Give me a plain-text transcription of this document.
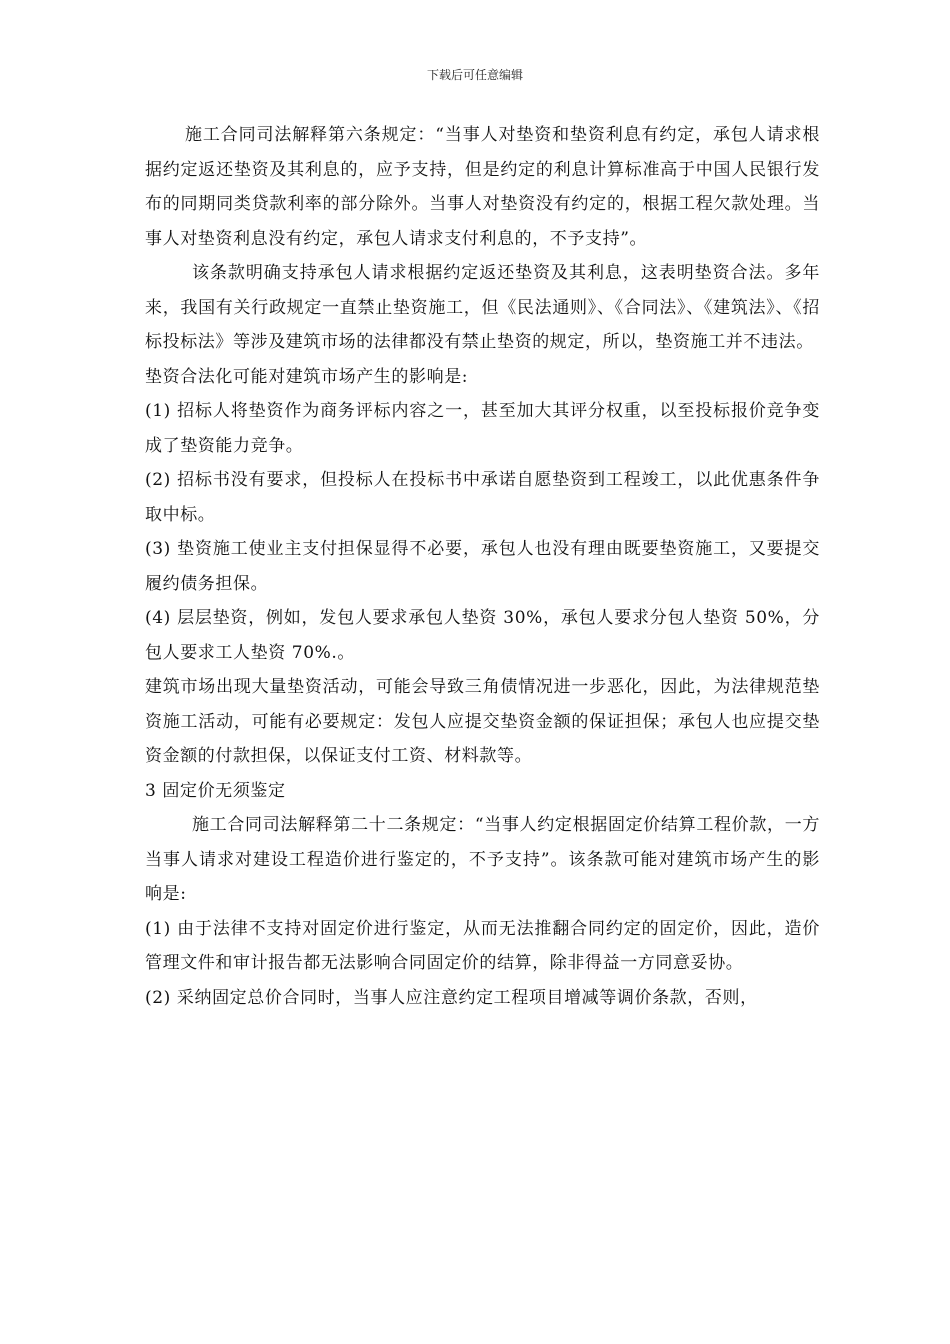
下载后可任意编辑
施工合同司法解释第六条规定：“当事人对垫资和垫资利息有约定，承包人请求根据约定返还垫资及其利息的，应予支持，但是约定的利息计算标准高于中国人民银行发布的同期同类贷款利率的部分除外。当事人对垫资没有约定的，根据工程欠款处理。当事人对垫资利息没有约定，承包人请求支付利息的，不予支持”。
该条款明确支持承包人请求根据约定返还垫资及其利息，这表明垫资合法。多年来，我国有关行政规定一直禁止垫资施工，但《民法通则》、《合同法》、《建筑法》、《招标投标法》等涉及建筑市场的法律都没有禁止垫资的规定，所以，垫资施工并不违法。
垫资合法化可能对建筑市场产生的影响是:
(1) 招标人将垫资作为商务评标内容之一，甚至加大其评分权重，以至投标报价竞争变成了垫资能力竞争。
(2) 招标书没有要求，但投标人在投标书中承诺自愿垫资到工程竣工，以此优惠条件争取中标。
(3) 垫资施工使业主支付担保显得不必要，承包人也没有理由既要垫资施工，又要提交履约债务担保。
(4) 层层垫资，例如，发包人要求承包人垫资 30%，承包人要求分包人垫资 50%，分包人要求工人垫资 70%.。
建筑市场出现大量垫资活动，可能会导致三角债情况进一步恶化，因此，为法律规范垫资施工活动，可能有必要规定：发包人应提交垫资金额的保证担保；承包人也应提交垫资金额的付款担保，以保证支付工资、材料款等。
3 固定价无须鉴定
施工合同司法解释第二十二条规定：“当事人约定根据固定价结算工程价款，一方当事人请求对建设工程造价进行鉴定的，不予支持”。该条款可能对建筑市场产生的影响是:
(1) 由于法律不支持对固定价进行鉴定，从而无法推翻合同约定的固定价，因此，造价管理文件和审计报告都无法影响合同固定价的结算，除非得益一方同意妥协。
(2) 采纳固定总价合同时，当事人应注意约定工程项目增减等调价条款，否则，
